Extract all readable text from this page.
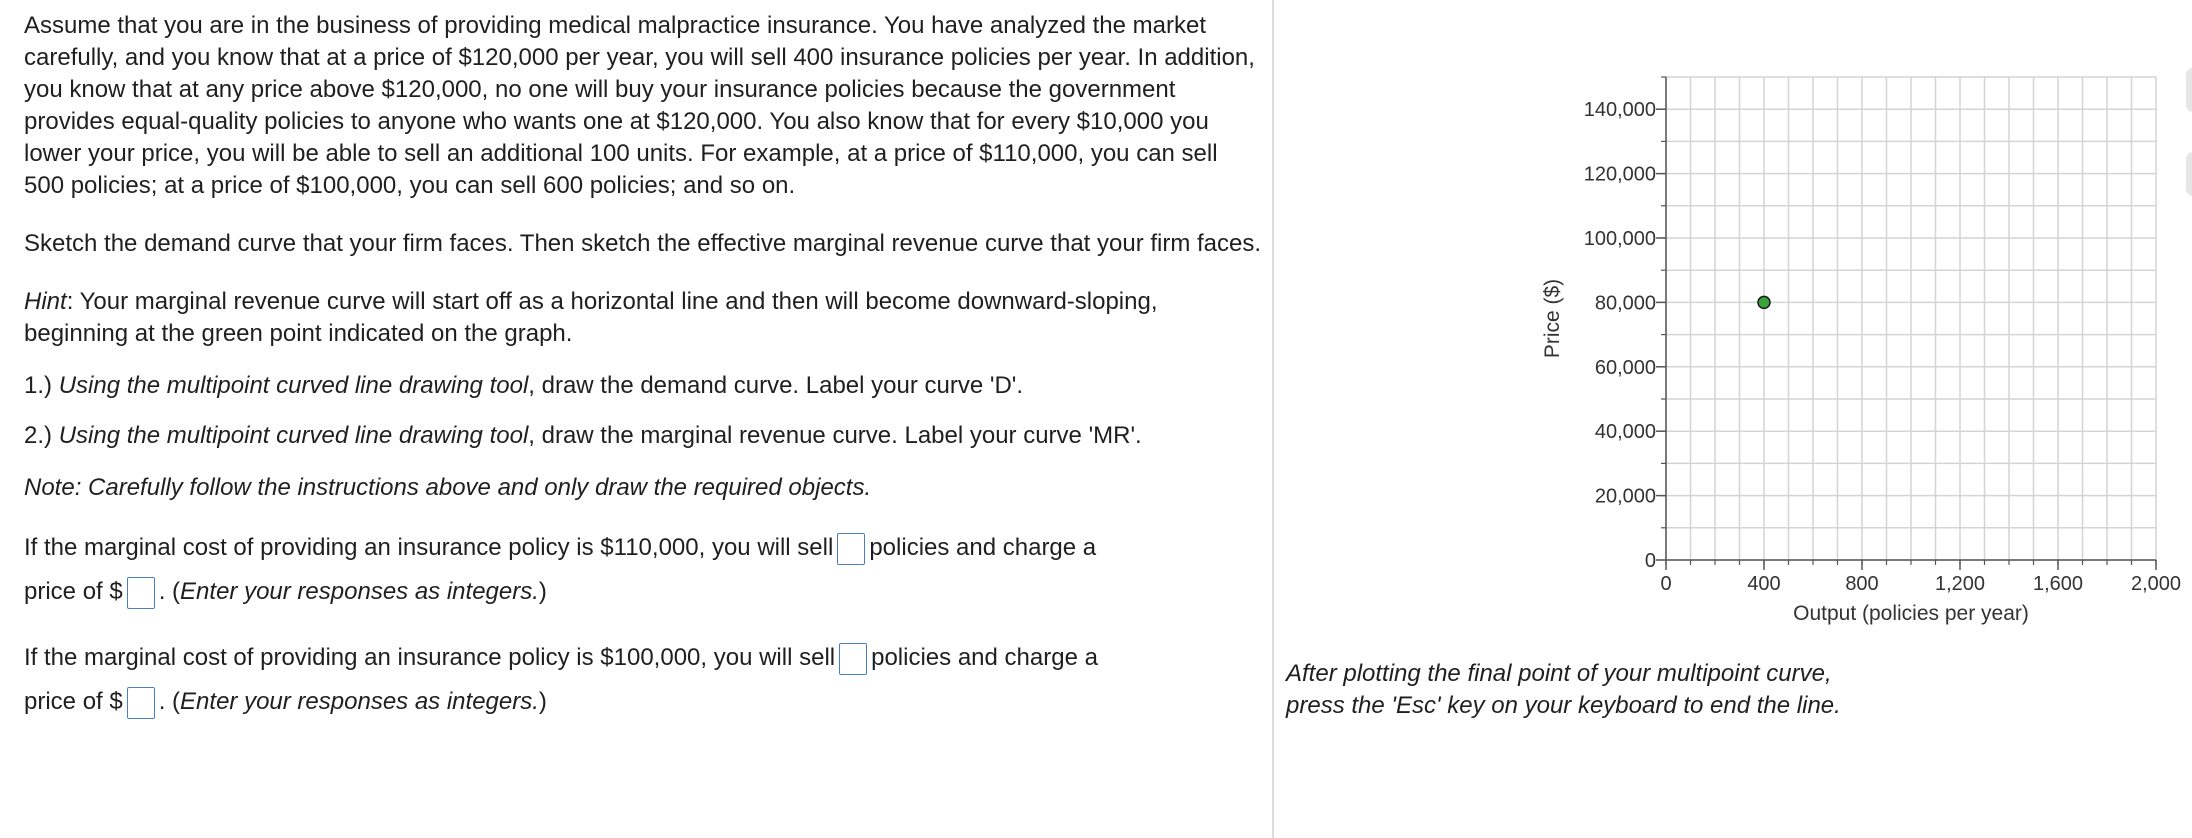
Assume that you are in the business of providing medical malpractice insurance. You have analyzed the market carefully, and you know that at a price of $120,000 per year, you will sell 400 insurance policies per year. In addition, you know that at any price above $120,000, no one will buy your insurance policies because the government provides equal-quality policies to anyone who wants one at $120,000. You also know that for every $10,000 you lower your price, you will be able to sell an additional 100 units. For example, at a price of $110,000, you can sell 500 policies; at a price of $100,000, you can sell 600 policies; and so on.

Sketch the demand curve that your firm faces. Then sketch the effective marginal revenue curve that your firm faces.

Hint: Your marginal revenue curve will start off as a horizontal line and then will become downward-sloping, beginning at the green point indicated on the graph.

1.) Using the multipoint curved line drawing tool, draw the demand curve. Label your curve 'D'.

2.) Using the multipoint curved line drawing tool, draw the marginal revenue curve. Label your curve 'MR'.

Note: Carefully follow the instructions above and only draw the required objects.

If the marginal cost of providing an insurance policy is $110,000, you will sell policies and charge a
price of $ . (Enter your responses as integers.)
If the marginal cost of providing an insurance policy is $100,000, you will sell policies and charge a
price of $ . (Enter your responses as integers.)
0
20,000
40,000
60,000
80,000
100,000
120,000
140,000
0	400	800	1,200 1,600 2,000
Price ($)
Output (policies per year)
After plotting the final point of your multipoint curve,
press the 'Esc' key on your keyboard to end the line.
